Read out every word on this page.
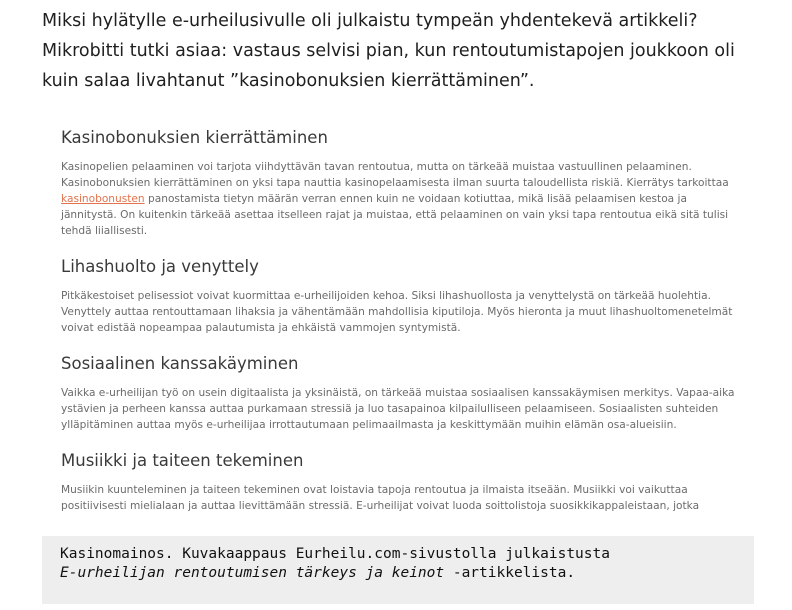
Miksi hylätylle e-urheilusivulle oli julkaistu tympeän yhdentekevä artikkeli? Mikrobitti tutki asiaa: vastaus selvisi pian, kun rentoutumistapojen joukkoon oli kuin salaa livahtanut ”kasinobonuksien kierrättäminen”.

Kasinobonuksien kierrättäminen

Kasinopelien pelaaminen voi tarjota viihdyttävän tavan rentoutua, mutta on tärkeää muistaa vastuullinen pelaaminen. Kasinobonuksien kierrättäminen on yksi tapa nauttia kasinopelaamisesta ilman suurta taloudellista riskiä. Kierrätys tarkoittaa kasinobonusten panostamista tietyn määrän verran ennen kuin ne voidaan kotiuttaa, mikä lisää pelaamisen kestoa ja jännitystä. On kuitenkin tärkeää asettaa itselleen rajat ja muistaa, että pelaaminen on vain yksi tapa rentoutua eikä sitä tulisi tehdä liiallisesti.

Lihashuolto ja venyttely

Pitkäkestoiset pelisessiot voivat kuormittaa e-urheilijoiden kehoa. Siksi lihashuollosta ja venyttelystä on tärkeää huolehtia. Venyttely auttaa rentouttamaan lihaksia ja vähentämään mahdollisia kiputiloja. Myös hieronta ja muut lihashuoltomenetelmät voivat edistää nopeampaa palautumista ja ehkäistä vammojen syntymistä.

Sosiaalinen kanssakäyminen

Vaikka e-urheilijan työ on usein digitaalista ja yksinäistä, on tärkeää muistaa sosiaalisen kanssakäymisen merkitys. Vapaa-aika ystävien ja perheen kanssa auttaa purkamaan stressiä ja luo tasapainoa kilpailulliseen pelaamiseen. Sosiaalisten suhteiden ylläpitäminen auttaa myös e-urheilijaa irrottautumaan pelimaailmasta ja keskittymään muihin elämän osa-alueisiin.

Musiikki ja taiteen tekeminen

Musiikin kuunteleminen ja taiteen tekeminen ovat loistavia tapoja rentoutua ja ilmaista itseään. Musiikki voi vaikuttaa positiivisesti mielialaan ja auttaa lievittämään stressiä. E-urheilijat voivat luoda soittolistoja suosikkikappaleistaan, jotka

Kasinomainos. Kuvakaappaus Eurheilu.com-sivustolla julkaistusta
E-urheilijan rentoutumisen tärkeys ja keinot -artikkelista.
